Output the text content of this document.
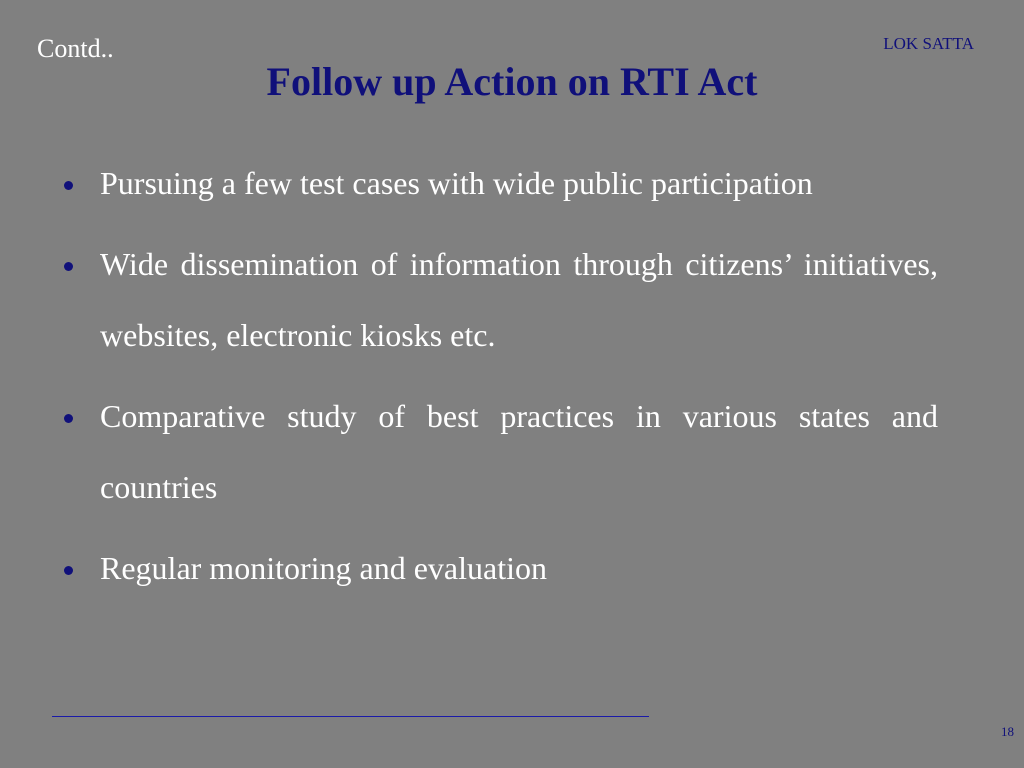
Contd..	LOK SATTA
Follow up Action on RTI Act
Pursuing a few test cases with wide public participation
Wide dissemination of information through citizens’ initiatives, websites, electronic kiosks etc.
Comparative study of best practices in various states and countries
Regular monitoring and evaluation
18
